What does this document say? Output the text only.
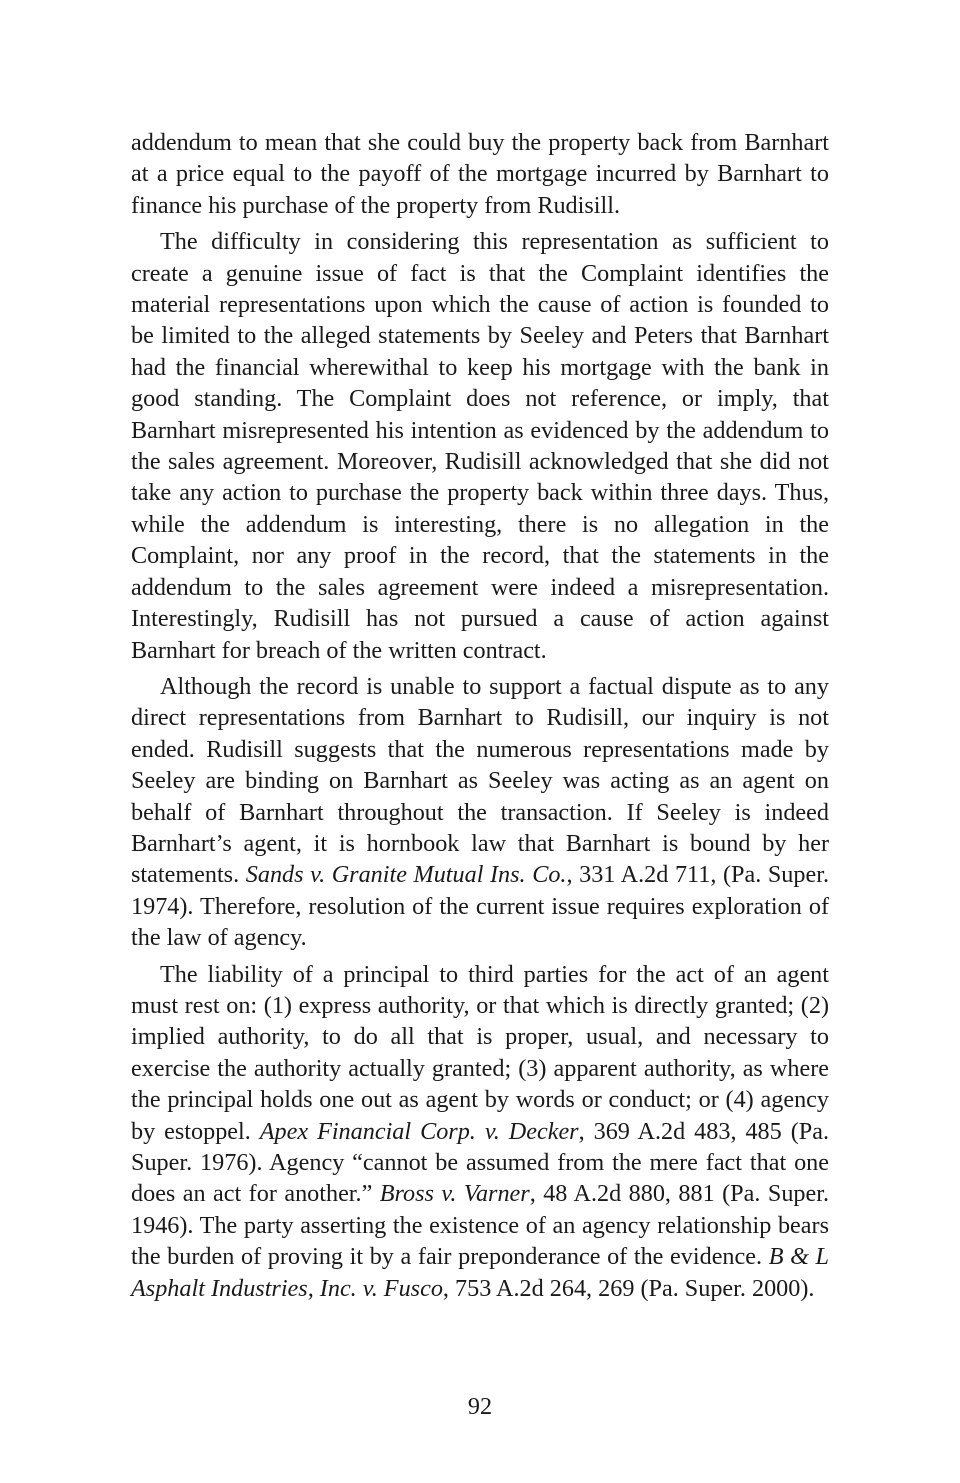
addendum to mean that she could buy the property back from Barnhart at a price equal to the payoff of the mortgage incurred by Barnhart to finance his purchase of the property from Rudisill.

The difficulty in considering this representation as sufficient to create a genuine issue of fact is that the Complaint identifies the material representations upon which the cause of action is founded to be limited to the alleged statements by Seeley and Peters that Barnhart had the financial wherewithal to keep his mortgage with the bank in good standing. The Complaint does not reference, or imply, that Barnhart misrepresented his intention as evidenced by the addendum to the sales agreement. Moreover, Rudisill acknowledged that she did not take any action to purchase the property back within three days. Thus, while the addendum is interesting, there is no allegation in the Complaint, nor any proof in the record, that the statements in the addendum to the sales agreement were indeed a misrepresentation. Interestingly, Rudisill has not pursued a cause of action against Barnhart for breach of the written contract.

Although the record is unable to support a factual dispute as to any direct representations from Barnhart to Rudisill, our inquiry is not ended. Rudisill suggests that the numerous representations made by Seeley are binding on Barnhart as Seeley was acting as an agent on behalf of Barnhart throughout the transaction. If Seeley is indeed Barnhart’s agent, it is hornbook law that Barnhart is bound by her statements. Sands v. Granite Mutual Ins. Co., 331 A.2d 711, (Pa. Super. 1974). Therefore, resolution of the current issue requires exploration of the law of agency.

The liability of a principal to third parties for the act of an agent must rest on: (1) express authority, or that which is directly granted; (2) implied authority, to do all that is proper, usual, and necessary to exercise the authority actually granted; (3) apparent authority, as where the principal holds one out as agent by words or conduct; or (4) agency by estoppel. Apex Financial Corp. v. Decker, 369 A.2d 483, 485 (Pa. Super. 1976). Agency “cannot be assumed from the mere fact that one does an act for another.” Bross v. Varner, 48 A.2d 880, 881 (Pa. Super. 1946). The party asserting the existence of an agency relationship bears the burden of proving it by a fair preponderance of the evidence. B & L Asphalt Industries, Inc. v. Fusco, 753 A.2d 264, 269 (Pa. Super. 2000).

92
